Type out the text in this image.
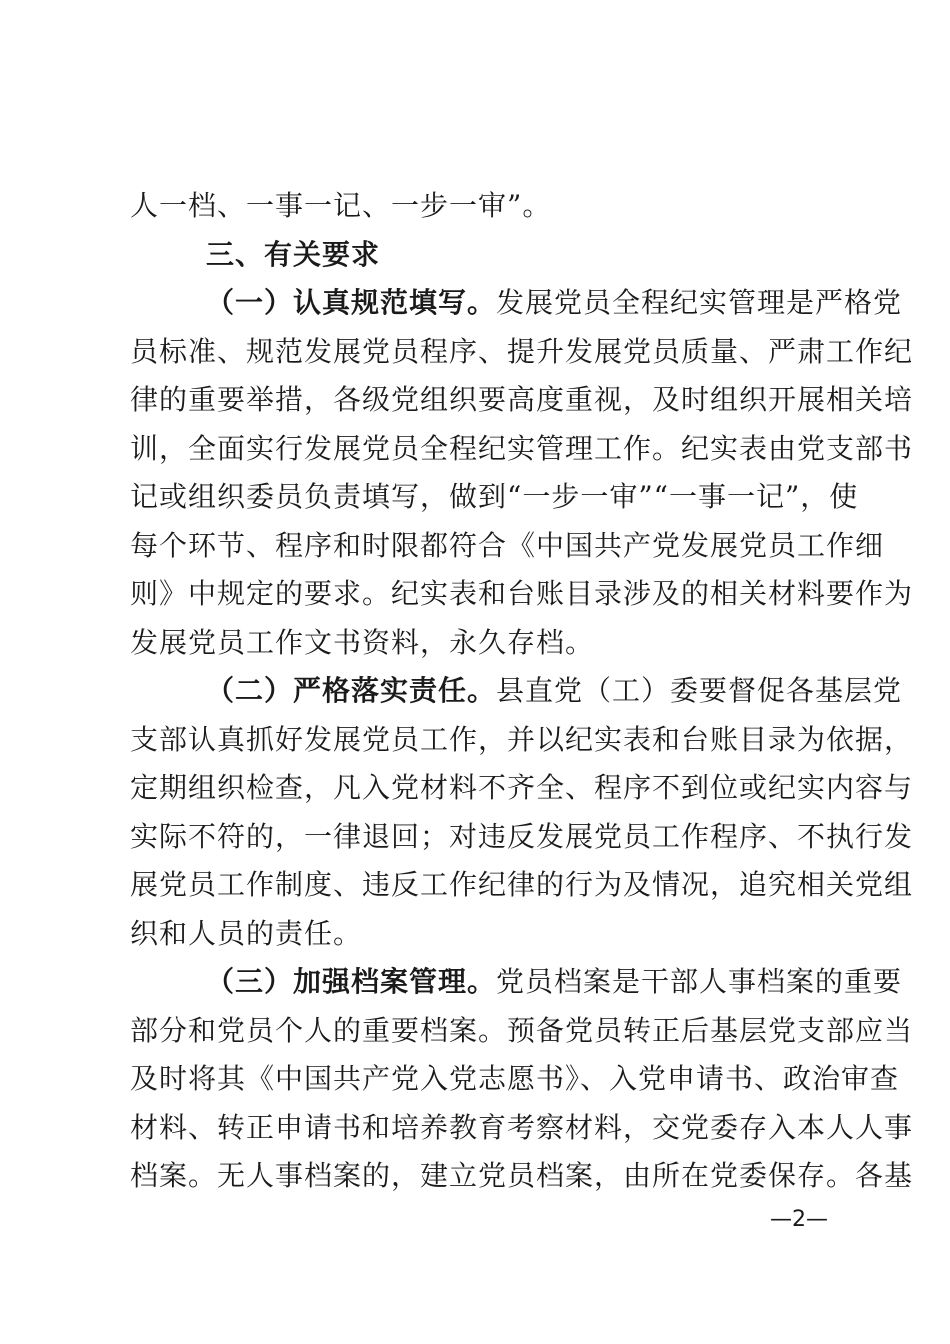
人一档、一事一记、一步一审”。
三、有关要求
（一）认真规范填写。发展党员全程纪实管理是严格党
员标准、规范发展党员程序、提升发展党员质量、严肃工作纪
律的重要举措，各级党组织要高度重视，及时组织开展相关培
训，全面实行发展党员全程纪实管理工作。纪实表由党支部书
记或组织委员负责填写，做到“一步一审”“一事一记”，使
每个环节、程序和时限都符合《中国共产党发展党员工作细
则》中规定的要求。纪实表和台账目录涉及的相关材料要作为
发展党员工作文书资料，永久存档。
（二）严格落实责任。县直党（工）委要督促各基层党
支部认真抓好发展党员工作，并以纪实表和台账目录为依据，
定期组织检查，凡入党材料不齐全、程序不到位或纪实内容与
实际不符的，一律退回；对违反发展党员工作程序、不执行发
展党员工作制度、违反工作纪律的行为及情况，追究相关党组
织和人员的责任。
（三）加强档案管理。党员档案是干部人事档案的重要
部分和党员个人的重要档案。预备党员转正后基层党支部应当
及时将其《中国共产党入党志愿书》、入党申请书、政治审查
材料、转正申请书和培养教育考察材料，交党委存入本人人事
档案。无人事档案的，建立党员档案，由所在党委保存。各基
—2—
